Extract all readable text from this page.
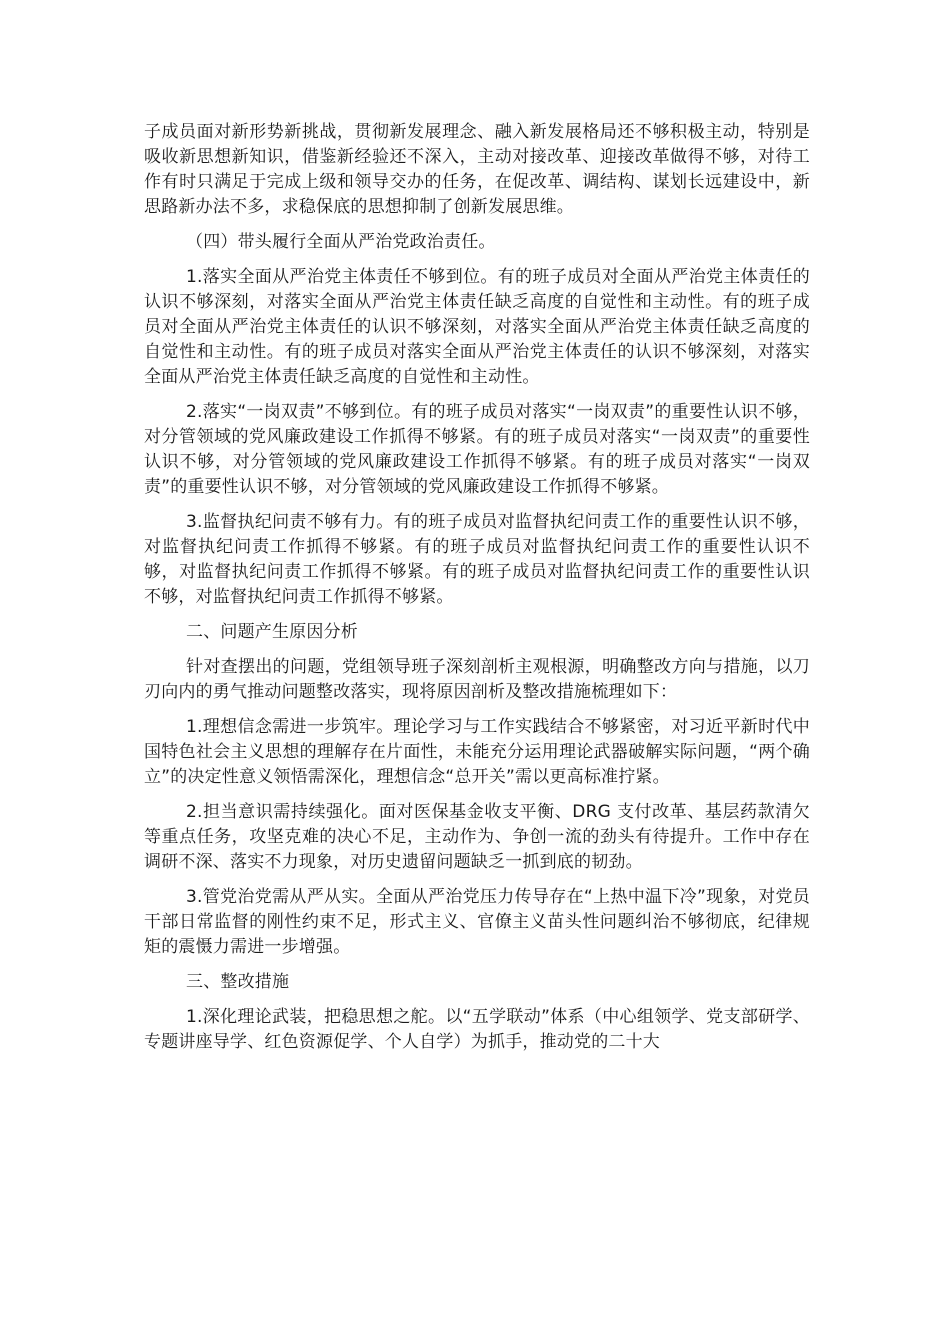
子成员面对新形势新挑战，贯彻新发展理念、融入新发展格局还不够积极主动，特别是吸收新思想新知识，借鉴新经验还不深入，主动对接改革、迎接改革做得不够，对待工作有时只满足于完成上级和领导交办的任务，在促改革、调结构、谋划长远建设中，新思路新办法不多，求稳保底的思想抑制了创新发展思维。

（四）带头履行全面从严治党政治责任。

1.落实全面从严治党主体责任不够到位。有的班子成员对全面从严治党主体责任的认识不够深刻，对落实全面从严治党主体责任缺乏高度的自觉性和主动性。有的班子成员对全面从严治党主体责任的认识不够深刻，对落实全面从严治党主体责任缺乏高度的自觉性和主动性。有的班子成员对落实全面从严治党主体责任的认识不够深刻，对落实全面从严治党主体责任缺乏高度的自觉性和主动性。

2.落实“一岗双责”不够到位。有的班子成员对落实“一岗双责”的重要性认识不够，对分管领域的党风廉政建设工作抓得不够紧。有的班子成员对落实“一岗双责”的重要性认识不够，对分管领域的党风廉政建设工作抓得不够紧。有的班子成员对落实“一岗双责”的重要性认识不够，对分管领域的党风廉政建设工作抓得不够紧。

3.监督执纪问责不够有力。有的班子成员对监督执纪问责工作的重要性认识不够，对监督执纪问责工作抓得不够紧。有的班子成员对监督执纪问责工作的重要性认识不够，对监督执纪问责工作抓得不够紧。有的班子成员对监督执纪问责工作的重要性认识不够，对监督执纪问责工作抓得不够紧。

二、问题产生原因分析

针对查摆出的问题，党组领导班子深刻剖析主观根源，明确整改方向与措施，以刀刃向内的勇气推动问题整改落实，现将原因剖析及整改措施梳理如下：

1.理想信念需进一步筑牢。理论学习与工作实践结合不够紧密，对习近平新时代中国特色社会主义思想的理解存在片面性，未能充分运用理论武器破解实际问题，“两个确立”的决定性意义领悟需深化，理想信念“总开关”需以更高标准拧紧。

2.担当意识需持续强化。面对医保基金收支平衡、DRG 支付改革、基层药款清欠等重点任务，攻坚克难的决心不足，主动作为、争创一流的劲头有待提升。工作中存在调研不深、落实不力现象，对历史遗留问题缺乏一抓到底的韧劲。

3.管党治党需从严从实。全面从严治党压力传导存在“上热中温下冷”现象，对党员干部日常监督的刚性约束不足，形式主义、官僚主义苗头性问题纠治不够彻底，纪律规矩的震慑力需进一步增强。

三、整改措施

1.深化理论武装，把稳思想之舵。以“五学联动”体系（中心组领学、党支部研学、专题讲座导学、红色资源促学、个人自学）为抓手，推动党的二十大
